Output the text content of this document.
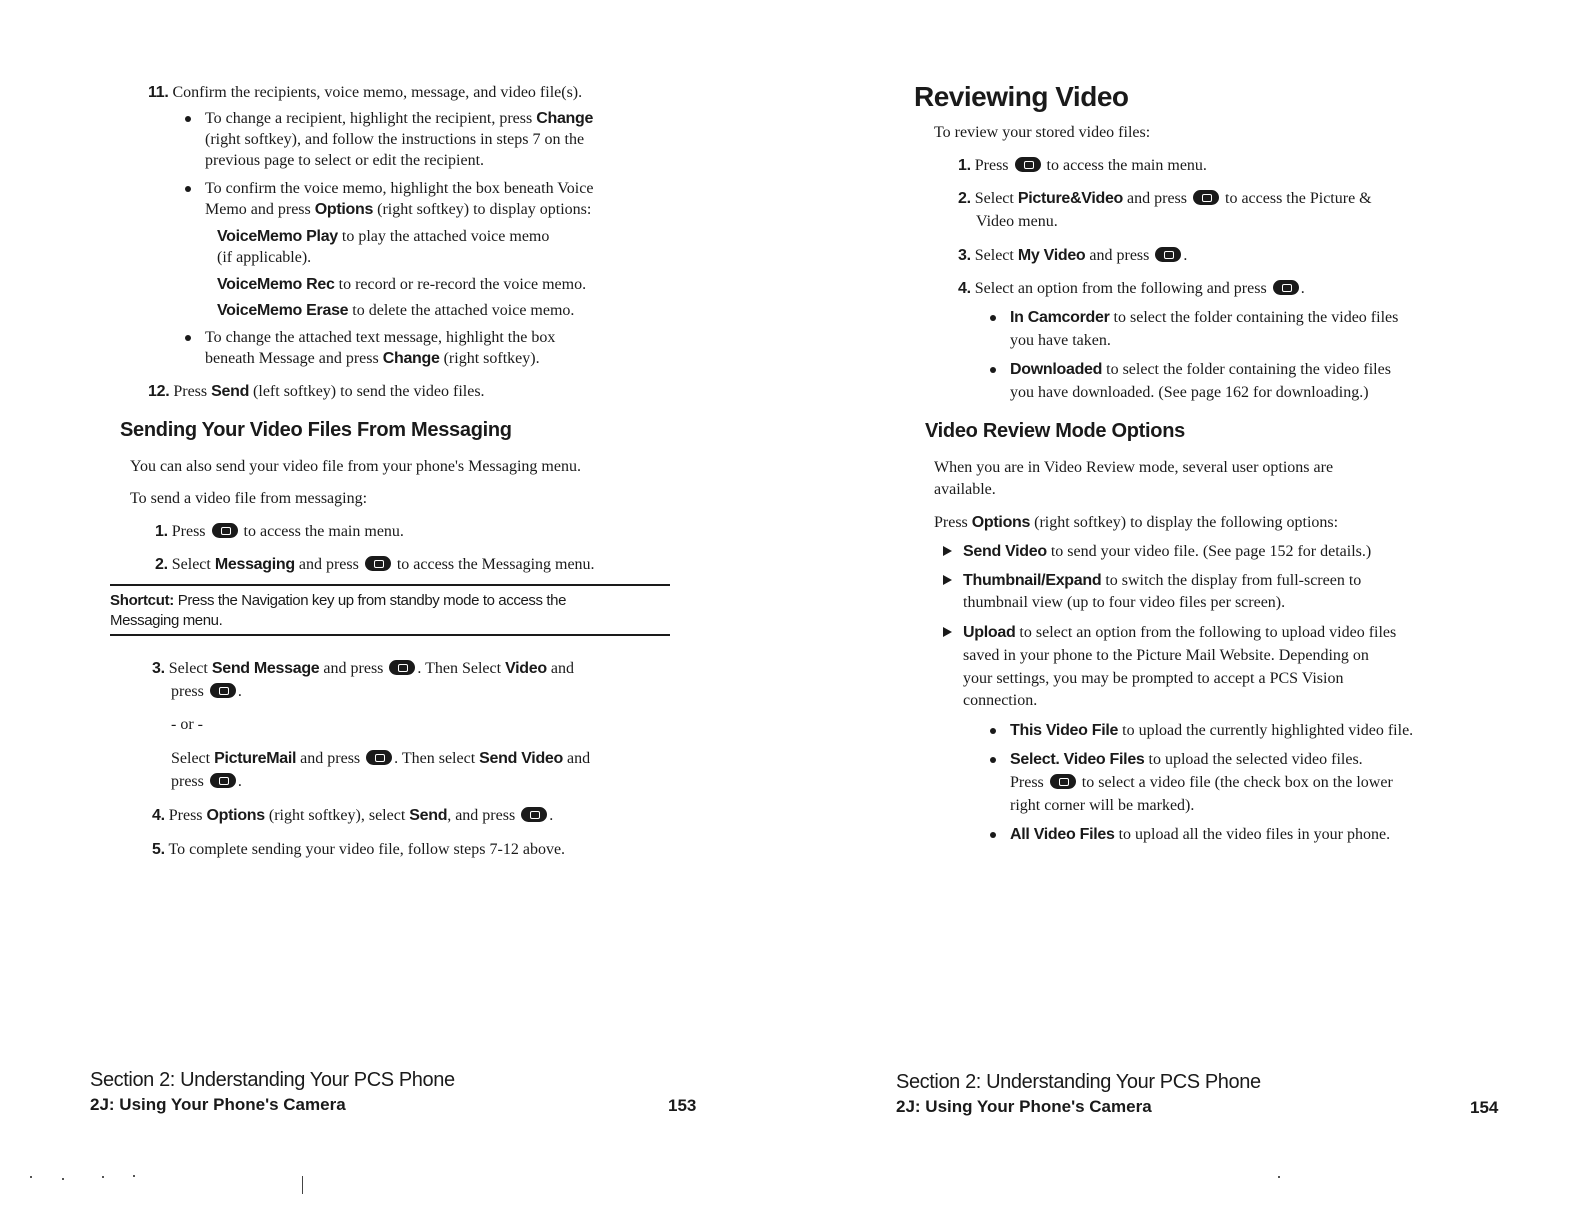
11. Confirm the recipients, voice memo, message, and video file(s).
To change a recipient, highlight the recipient, press Change
(right softkey), and follow the instructions in steps 7 on the
previous page to select or edit the recipient.
To confirm the voice memo, highlight the box beneath Voice
Memo and press Options (right softkey) to display options:
VoiceMemo Play to play the attached voice memo
(if applicable).
VoiceMemo Rec to record or re-record the voice memo.
VoiceMemo Erase to delete the attached voice memo.
To change the attached text message, highlight the box
beneath Message and press Change (right softkey).
12. Press Send (left softkey) to send the video files.
Sending Your Video Files From Messaging
You can also send your video file from your phone's Messaging menu.
To send a video file from messaging:
1. Press  to access the main menu.
2. Select Messaging and press  to access the Messaging menu.
Shortcut: Press the Navigation key up from standby mode to access the
Messaging menu.
3. Select Send Message and press . Then Select Video and
press .
- or -
Select PictureMail and press . Then select Send Video and
press .
4. Press Options (right softkey), select Send, and press .
5. To complete sending your video file, follow steps 7-12 above.
Section 2: Understanding Your PCS Phone
2J: Using Your Phone's Camera	153
Reviewing Video
To review your stored video files:
1. Press  to access the main menu.
2. Select Picture&Video and press  to access the Picture &
Video menu.
3. Select My Video and press .
4. Select an option from the following and press .
In Camcorder to select the folder containing the video files
you have taken.
Downloaded to select the folder containing the video files
you have downloaded. (See page 162 for downloading.)
Video Review Mode Options
When you are in Video Review mode, several user options are
available.
Press Options (right softkey) to display the following options:
Send Video to send your video file. (See page 152 for details.)
Thumbnail/Expand to switch the display from full-screen to
thumbnail view (up to four video files per screen).
Upload to select an option from the following to upload video files
saved in your phone to the Picture Mail Website. Depending on
your settings, you may be prompted to accept a PCS Vision
connection.
This Video File to upload the currently highlighted video file.
Select. Video Files to upload the selected video files.
Press  to select a video file (the check box on the lower
right corner will be marked).
All Video Files to upload all the video files in your phone.
Section 2: Understanding Your PCS Phone
2J: Using Your Phone's Camera	154
